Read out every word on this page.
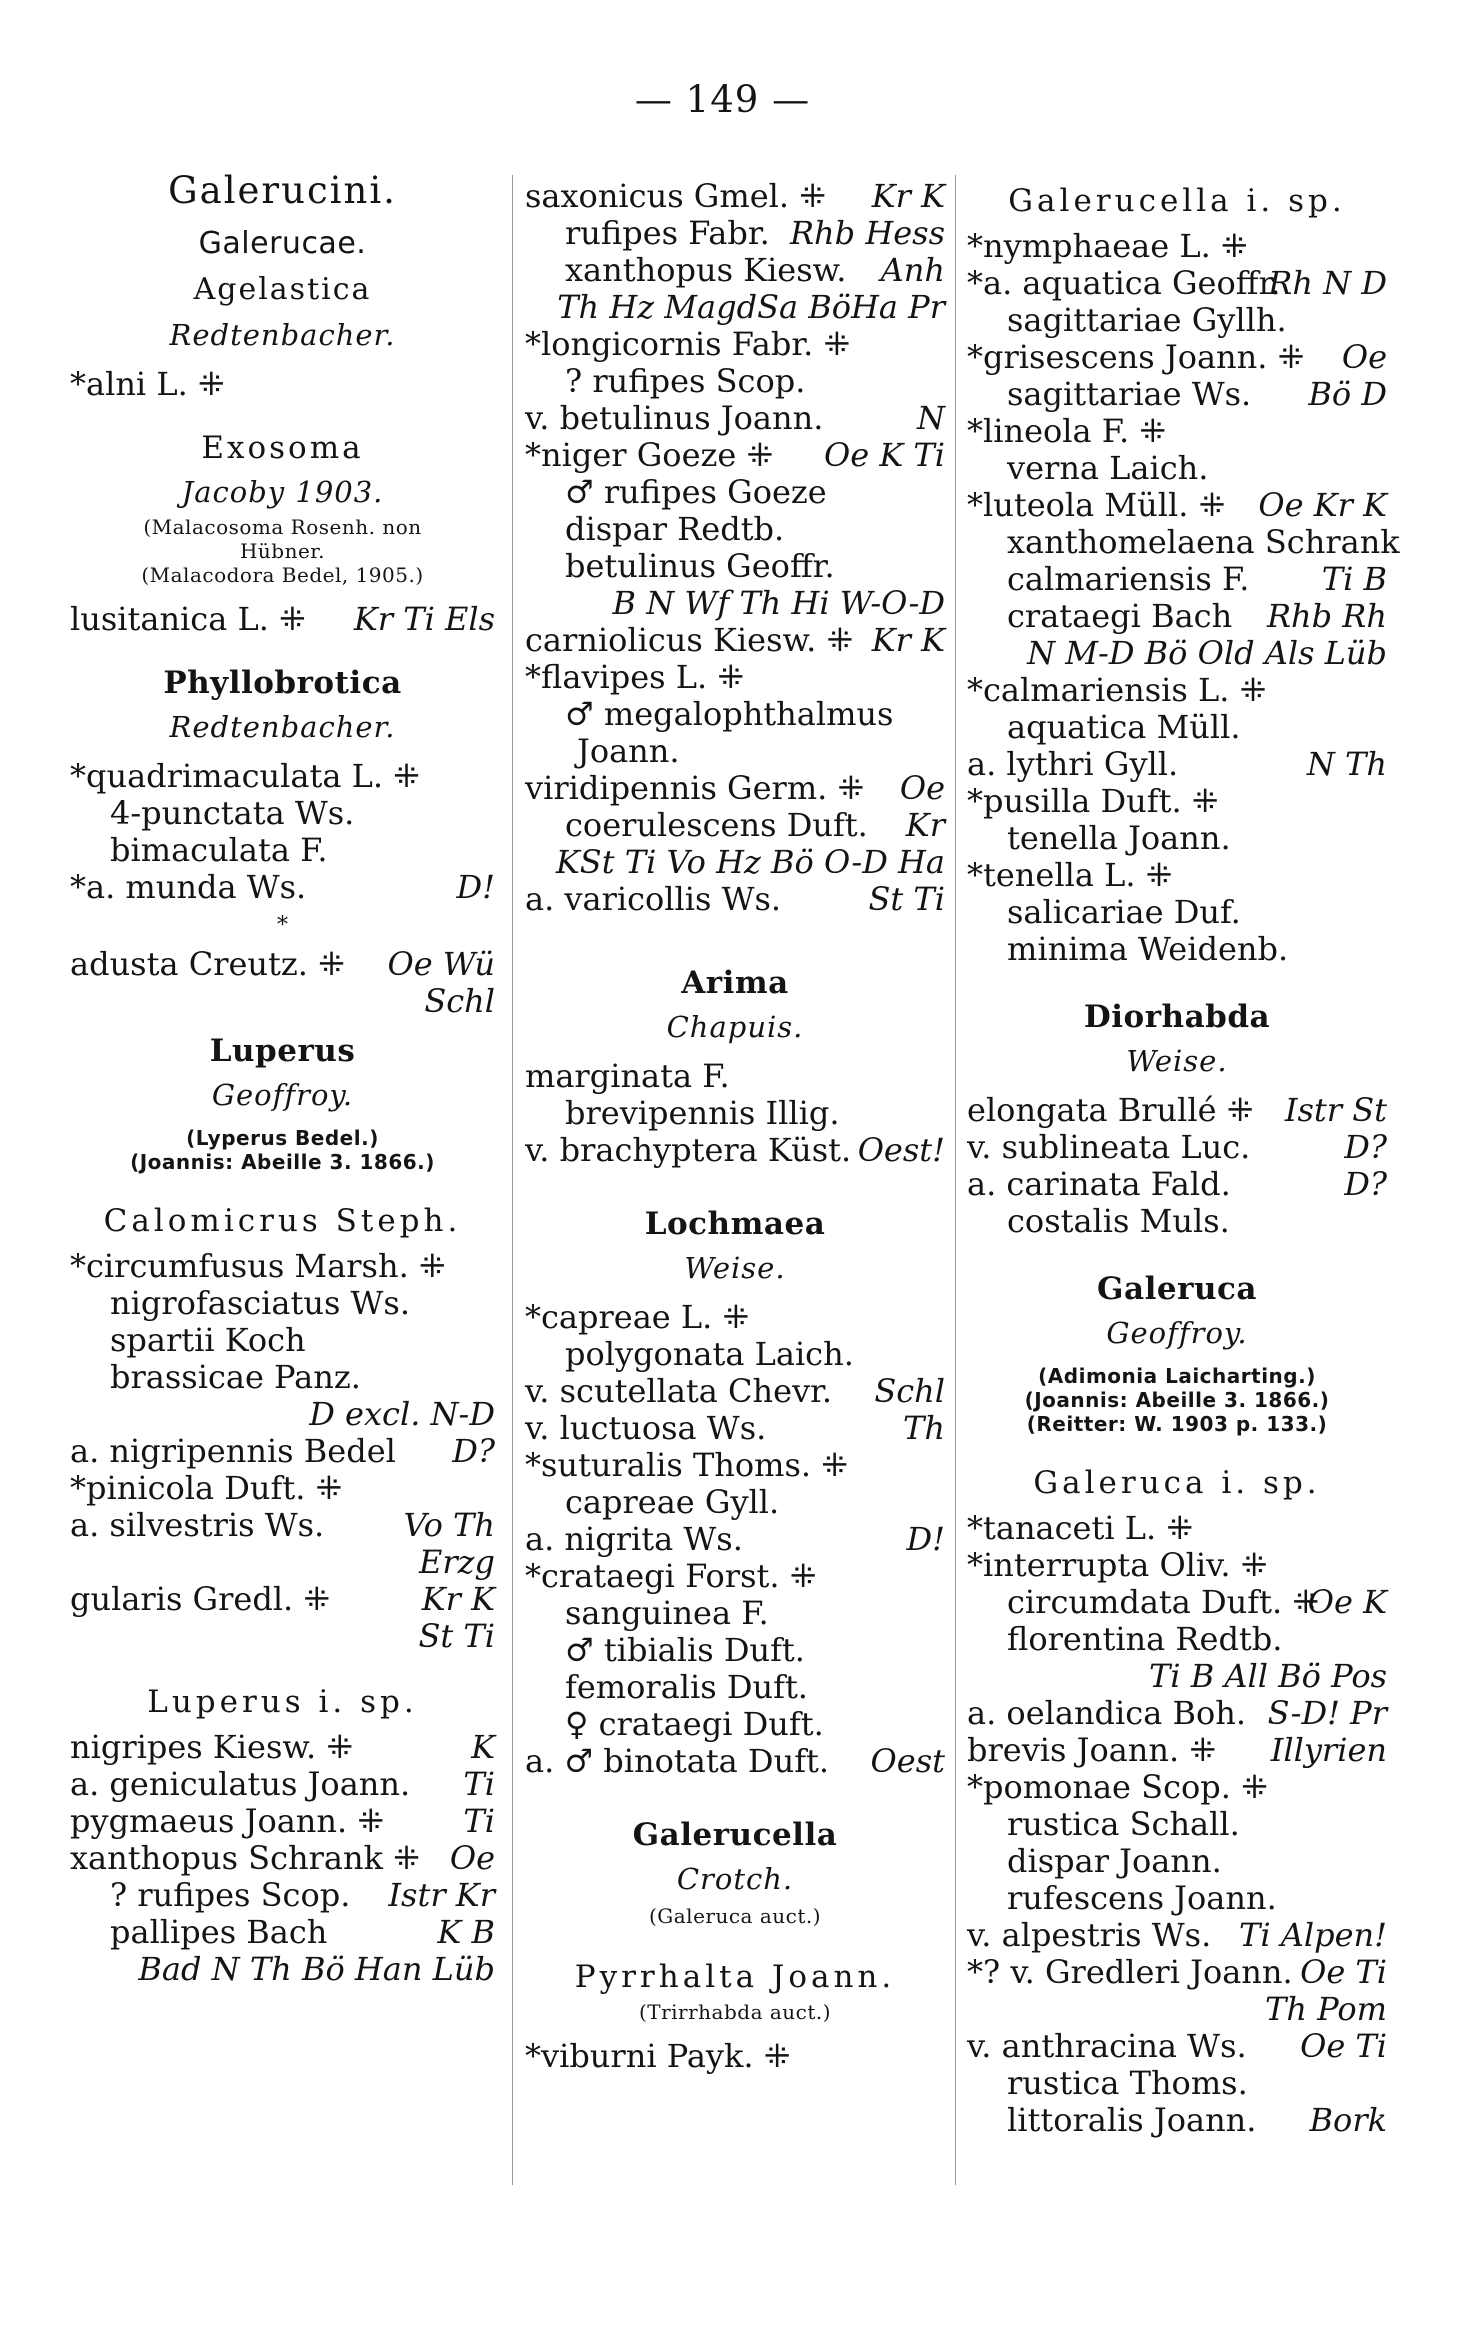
— 149 —
Galerucini.
Galerucae.
Agelastica
Redtenbacher.
*alni L. ⁜
Exosoma
Jacoby 1903.
(Malacosoma Rosenh. non
Hübner.
(Malacodora Bedel, 1905.)
lusitanica L. ⁜ Kr Ti Els
Phyllobrotica
Redtenbacher.
*quadrimaculata L. ⁜
4-punctata Ws.
bimaculata F.
*a. munda Ws.	D!
*
adusta Creutz. ⁜ Oe Wü
Schl
Luperus
Geoffroy.
(Lyperus Bedel.)
(Joannis: Abeille 3. 1866.)
Calomicrus Steph.
*circumfusus Marsh. ⁜
nigrofasciatus Ws.
spartii Koch
brassicae Panz.
D excl. N-D
a. nigripennis Bedel D?
*pinicola Duft. ⁜
a. silvestris Ws. Vo Th
Erzg
gularis Gredl. ⁜	Kr K
St Ti
Luperus i. sp.
nigripes Kiesw. ⁜	K
a. geniculatus Joann. Ti
pygmaeus Joann. ⁜ Ti
xanthopus Schrank ⁜ Oe
? rufipes Scop. Istr Kr
pallipes Bach	K B
Bad N Th Bö Han Lüb
saxonicus Gmel. ⁜ Kr K
rufipes Fabr. Rhb Hess
xanthopus Kiesw. Anh
Th Hz MagdSa BöHa Pr
*longicornis Fabr. ⁜
? rufipes Scop.
v. betulinus Joann.	N
*niger Goeze ⁜ Oe K Ti
♂ rufipes Goeze
dispar Redtb.
betulinus Geoffr.
B N Wf Th Hi W-O-D
carniolicus Kiesw. ⁜ Kr K
*flavipes L. ⁜
♂ megalophthalmus
Joann.
viridipennis Germ. ⁜ Oe
coerulescens Duft. Kr
KSt Ti Vo Hz Bö O-D Ha
a. varicollis Ws.	St Ti
Arima
Chapuis.
marginata F.
brevipennis Illig.
v. brachyptera Küst. Oest!
Lochmaea
Weise.
*capreae L. ⁜
polygonata Laich.
v. scutellata Chevr. Schl
v. luctuosa Ws.	Th
*suturalis Thoms. ⁜
capreae Gyll.
a. nigrita Ws.	D!
*crataegi Forst. ⁜
sanguinea F.
♂ tibialis Duft.
femoralis Duft.
♀ crataegi Duft.
a. ♂ binotata Duft. Oest
Galerucella
Crotch.
(Galeruca auct.)
Pyrrhalta Joann.
(Trirrhabda auct.)
*viburni Payk. ⁜
Galerucella i. sp.
*nymphaeae L. ⁜
*a. aquatica Geoffr.
Rh N D
sagittariae Gyllh.
*grisescens Joann. ⁜ Oe
sagittariae Ws. Bö D
*lineola F. ⁜
verna Laich.
*luteola Müll. ⁜ Oe Kr K
xanthomelaena Schrank
calmariensis F. Ti B
crataegi Bach Rhb Rh
N M-D Bö Old Als Lüb
*calmariensis L. ⁜
aquatica Müll.
a. lythri Gyll.	N Th
*pusilla Duft. ⁜
tenella Joann.
*tenella L. ⁜
salicariae Duf.
minima Weidenb.
Diorhabda
Weise.
elongata Brullé ⁜ Istr St
v. sublineata Luc.	D?
a. carinata Fald.	D?
costalis Muls.
Galeruca
Geoffroy.
(Adimonia Laicharting.)
(Joannis: Abeille 3. 1866.)
(Reitter: W. 1903 p. 133.)
Galeruca i. sp.
*tanaceti L. ⁜
*interrupta Oliv. ⁜
circumdata Duft. ⁜
Oe K
florentina Redtb.
Ti B All Bö Pos
a. oelandica Boh. S-D! Pr
brevis Joann. ⁜ Illyrien
*pomonae Scop. ⁜
rustica Schall.
dispar Joann.
rufescens Joann.
v. alpestris Ws. Ti Alpen!
*? v. Gredleri Joann. Oe Ti
Th Pom
v. anthracina Ws. Oe Ti
rustica Thoms.
littoralis Joann. Bork
